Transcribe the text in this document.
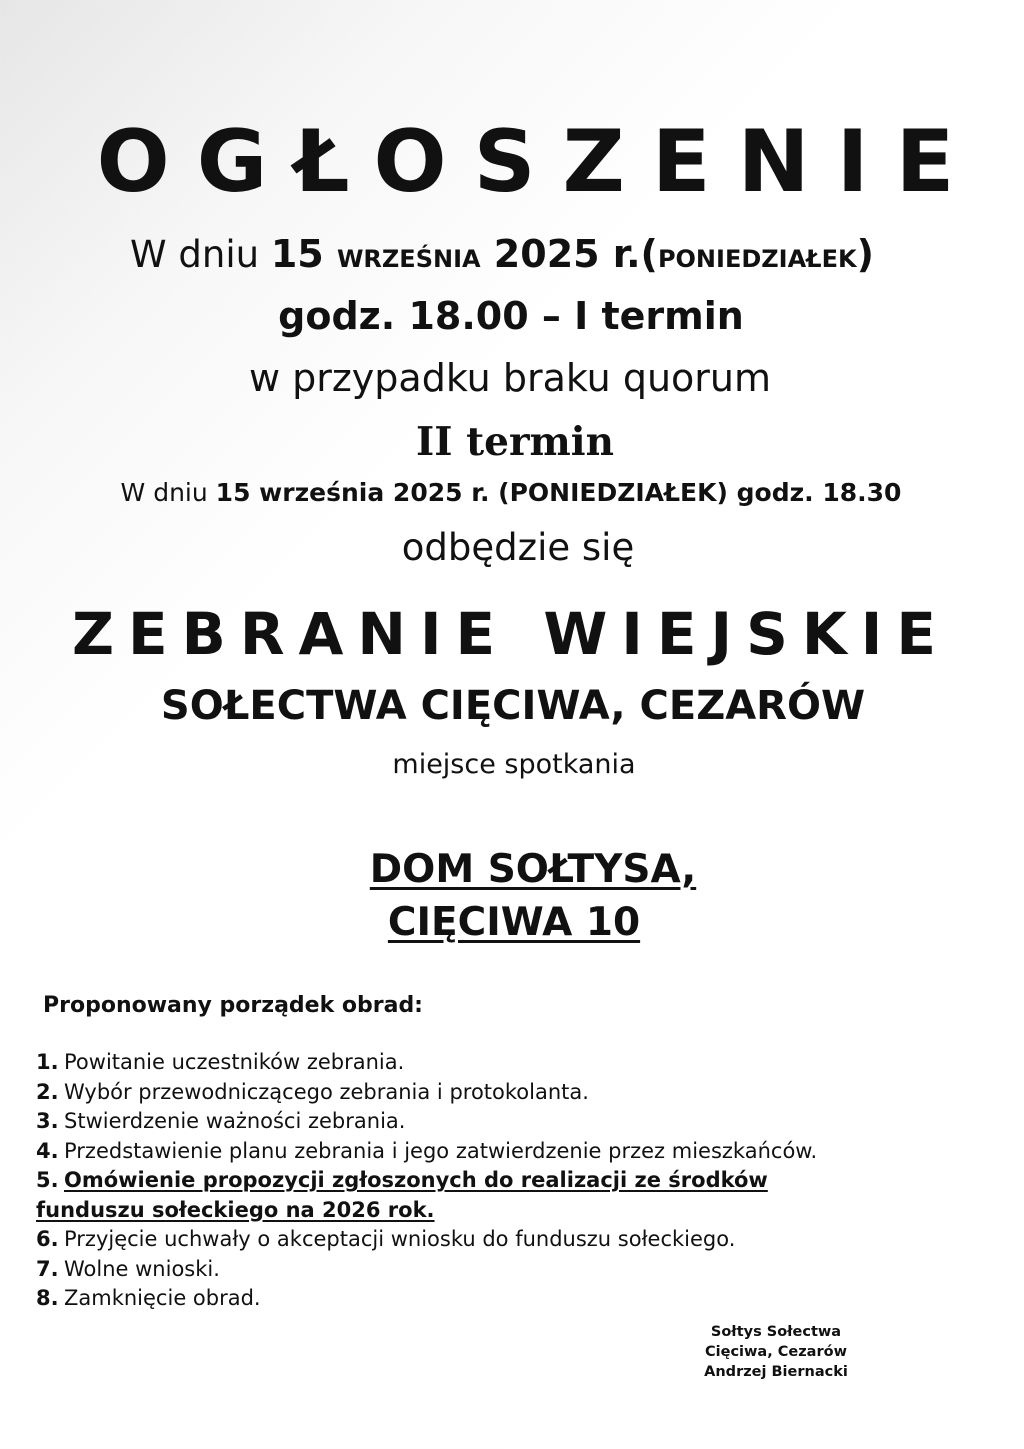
OGŁOSZENIE
W dniu 15 WRZEŚNIA 2025 r.(PONIEDZIAŁEK)
godz. 18.00 – I termin
w przypadku braku quorum
II termin
W dniu 15 września 2025 r. (PONIEDZIAŁEK) godz. 18.30
odbędzie się
ZEBRANIE WIEJSKIE
SOŁECTWA CIĘCIWA, CEZARÓW
miejsce spotkania
DOM SOŁTYSA,
CIĘCIWA 10
Proponowany porządek obrad:
1. Powitanie uczestników zebrania.
2. Wybór przewodniczącego zebrania i protokolanta.
3. Stwierdzenie ważności zebrania.
4. Przedstawienie planu zebrania i jego zatwierdzenie przez mieszkańców.
5. Omówienie propozycji zgłoszonych do realizacji ze środków
funduszu sołeckiego na 2026 rok.
6. Przyjęcie uchwały o akceptacji wniosku do funduszu sołeckiego.
7. Wolne wnioski.
8. Zamknięcie obrad.
Sołtys Sołectwa
Cięciwa, Cezarów
Andrzej Biernacki
